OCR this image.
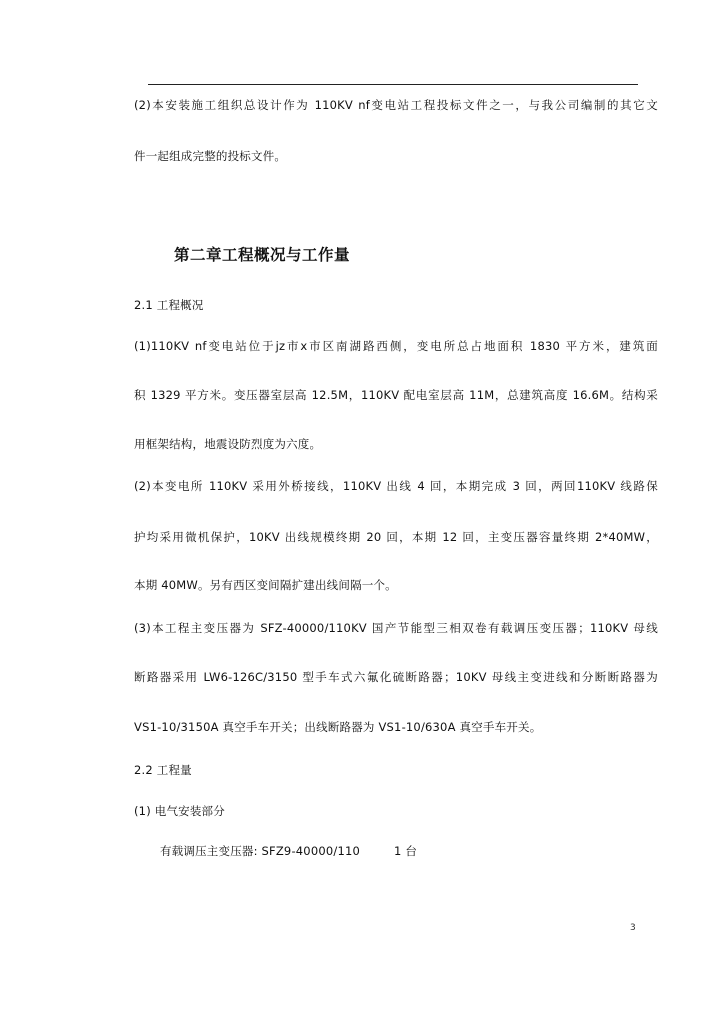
(2)本安装施工组织总设计作为 110KV nf变电站工程投标文件之一，与我公司编制的其它文
件一起组成完整的投标文件。
第二章工程概况与工作量
2.1 工程概况
(1)110KV nf变电站位于jz市x市区南湖路西侧，变电所总占地面积 1830 平方米，建筑面
积 1329 平方米。变压器室层高 12.5M，110KV 配电室层高 11M，总建筑高度 16.6M。结构采
用框架结构，地震设防烈度为六度。
(2)本变电所 110KV 采用外桥接线，110KV 出线 4 回，本期完成 3 回，两回110KV 线路保
护均采用微机保护，10KV 出线规模终期 20 回，本期 12 回，主变压器容量终期 2*40MW，
本期 40MW。另有西区变间隔扩建出线间隔一个。
(3)本工程主变压器为 SFZ-40000/110KV 国产节能型三相双卷有载调压变压器；110KV 母线
断路器采用 LW6-126C/3150 型手车式六氟化硫断路器；10KV 母线主变进线和分断断路器为
VS1-10/3150A 真空手车开关；出线断路器为 VS1-10/630A 真空手车开关。
2.2 工程量
(1) 电气安装部分
有载调压主变压器: SFZ9-40000/110	1 台
3
